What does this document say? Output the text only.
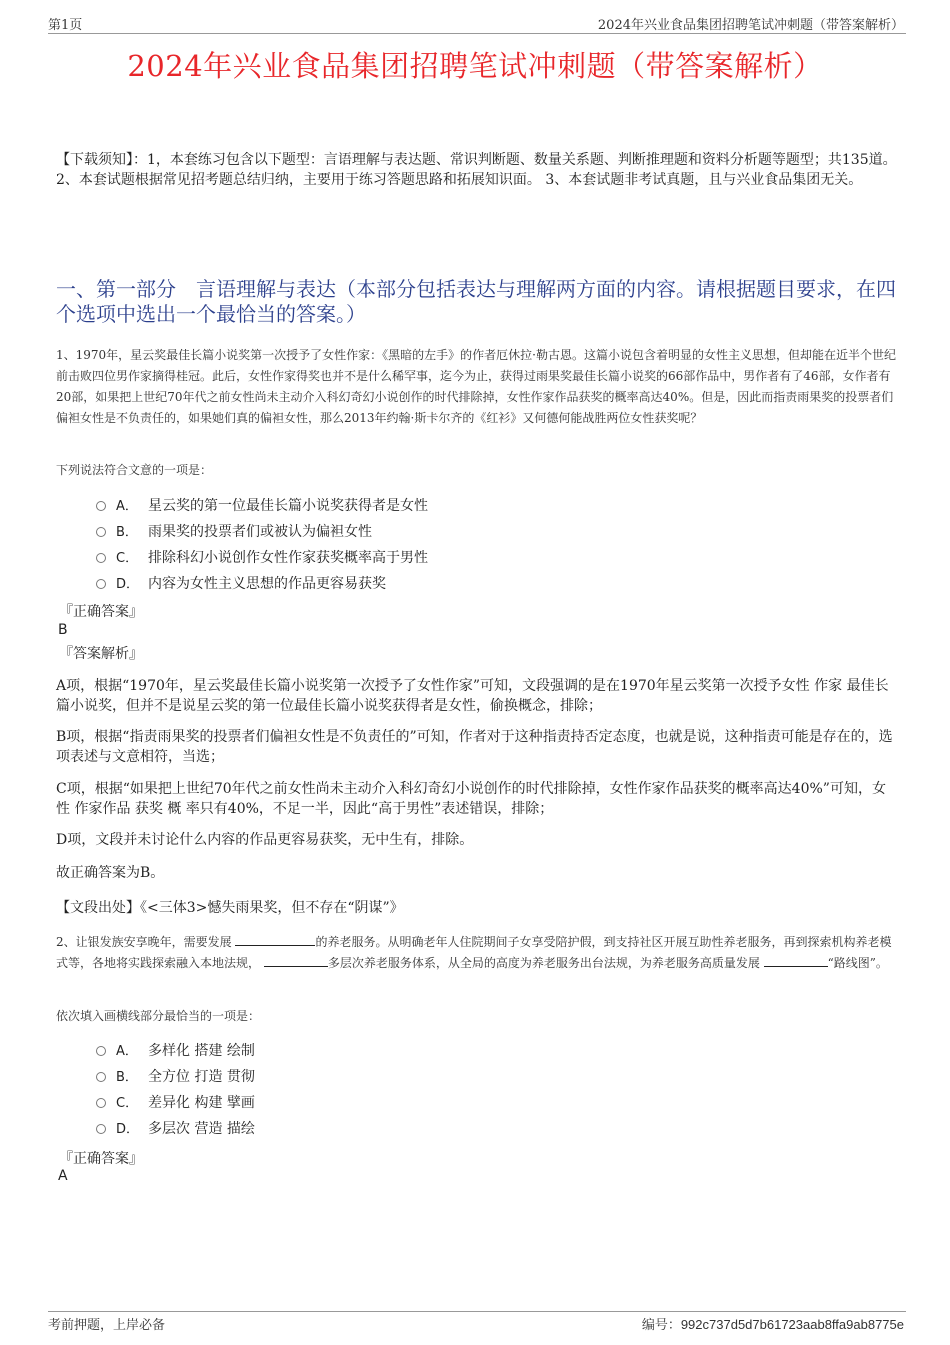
第1页	2024年兴业食品集团招聘笔试冲刺题（带答案解析）
2024年兴业食品集团招聘笔试冲刺题（带答案解析）
【下载须知】：1，本套练习包含以下题型：言语理解与表达题、常识判断题、数量关系题、判断推理题和资料分析题等题型；共135道。 2、本套试题根据常见招考题总结归纳，主要用于练习答题思路和拓展知识面。 3、本套试题非考试真题，且与兴业食品集团无关。
一、第一部分　言语理解与表达（本部分包括表达与理解两方面的内容。请根据题目要求，在四个选项中选出一个最恰当的答案。）
1、1970年，星云奖最佳长篇小说奖第一次授予了女性作家：《黑暗的左手》的作者厄休拉·勒古恩。这篇小说包含着明显的女性主义思想，但却能在近半个世纪前击败四位男作家摘得桂冠。此后，女性作家得奖也并不是什么稀罕事，迄今为止，获得过雨果奖最佳长篇小说奖的66部作品中，男作者有了46部，女作者有20部，如果把上世纪70年代之前女性尚未主动介入科幻奇幻小说创作的时代排除掉，女性作家作品获奖的概率高达40%。但是，因此而指责雨果奖的投票者们偏袒女性是不负责任的，如果她们真的偏袒女性，那么2013年约翰·斯卡尔齐的《红衫》又何德何能战胜两位女性获奖呢？
下列说法符合文意的一项是：
A． 星云奖的第一位最佳长篇小说奖获得者是女性
B． 雨果奖的投票者们或被认为偏袒女性
C． 排除科幻小说创作女性作家获奖概率高于男性
D． 内容为女性主义思想的作品更容易获奖
『正确答案』
B
『答案解析』
A项，根据“1970年，星云奖最佳长篇小说奖第一次授予了女性作家”可知，文段强调的是在1970年星云奖第一次授予女性 作家 最佳长篇小说奖，但并不是说星云奖的第一位最佳长篇小说奖获得者是女性，偷换概念，排除；
B项，根据“指责雨果奖的投票者们偏袒女性是不负责任的”可知，作者对于这种指责持否定态度，也就是说，这种指责可能是存在的，选项表述与文意相符，当选；
C项，根据“如果把上世纪70年代之前女性尚未主动介入科幻奇幻小说创作的时代排除掉，女性作家作品获奖的概率高达40%”可知，女性 作家作品 获奖 概 率只有40%，不足一半，因此“高于男性”表述错误，排除；
D项，文段并未讨论什么内容的作品更容易获奖，无中生有，排除。
故正确答案为B。
【文段出处】《<三体3>憾失雨果奖，但不存在“阴谋”》
2、让银发族安享晚年，需要发展	的养老服务。从明确老年人住院期间子女享受陪护假，到支持社区开展互助性养老服务，再到探索机构养老模式等，各地将实践探索融入本地法规，	多层次养老服务体系，从全局的高度为养老服务出台法规，为养老服务高质量发展	“路线图”。
依次填入画横线部分最恰当的一项是：
A． 多样化 搭建 绘制
B． 全方位 打造 贯彻
C． 差异化 构建 擘画
D． 多层次 营造 描绘
『正确答案』
A
考前押题，上岸必备	编号：992c737d5d7b61723aab8ffa9ab8775e
